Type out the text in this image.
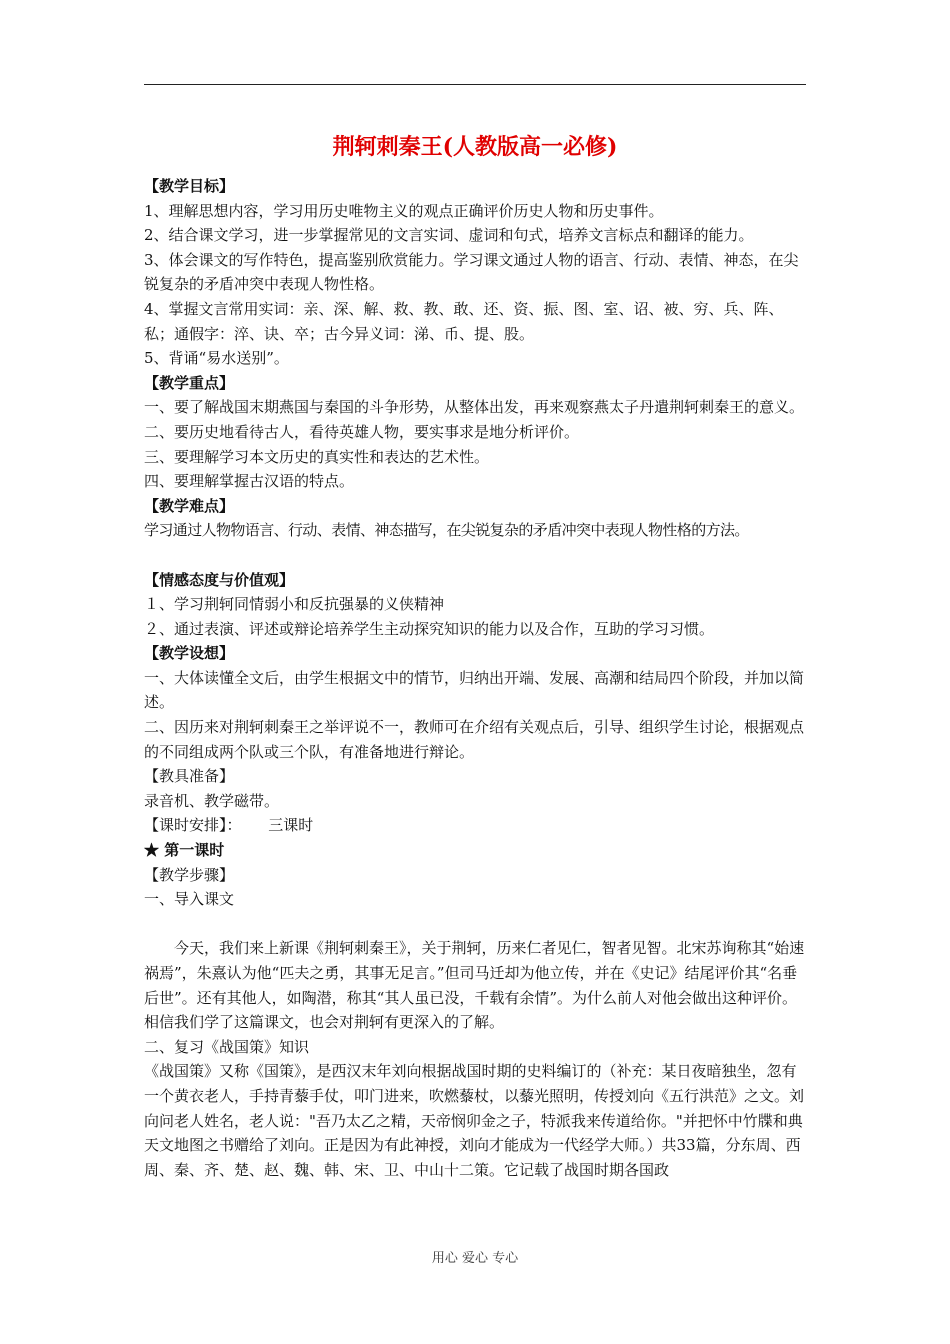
荆轲刺秦王(人教版高一必修)

【教学目标】

1、理解思想内容，学习用历史唯物主义的观点正确评价历史人物和历史事件。

2、结合课文学习，进一步掌握常见的文言实词、虚词和句式，培养文言标点和翻译的能力。

3、体会课文的写作特色，提高鉴别欣赏能力。学习课文通过人物的语言、行动、表情、神态，在尖锐复杂的矛盾冲突中表现人物性格。

4、掌握文言常用实词：亲、深、解、救、教、敢、还、资、振、图、室、诏、被、穷、兵、阵、私；通假字：淬、诀、卒；古今异义词：涕、币、提、股。

5、背诵“易水送别”。

【教学重点】

一、要了解战国末期燕国与秦国的斗争形势，从整体出发，再来观察燕太子丹遣荆轲刺秦王的意义。

二、要历史地看待古人，看待英雄人物，要实事求是地分析评价。

三、要理解学习本文历史的真实性和表达的艺术性。

四、要理解掌握古汉语的特点。

【教学难点】

学习通过人物物语言、行动、表情、神态描写，在尖锐复杂的矛盾冲突中表现人物性格的方法。

【情感态度与价值观】

１、学习荆轲同情弱小和反抗强暴的义侠精神

２、通过表演、评述或辩论培养学生主动探究知识的能力以及合作，互助的学习习惯。

【教学设想】

一、大体读懂全文后，由学生根据文中的情节，归纳出开端、发展、高潮和结局四个阶段，并加以简述。

二、因历来对荆轲刺秦王之举评说不一，教师可在介绍有关观点后，引导、组织学生讨论，根据观点的不同组成两个队或三个队，有准备地进行辩论。

【教具准备】

录音机、教学磁带。

【课时安排】： 三课时

★ 第一课时

【教学步骤】

一、导入课文

今天，我们来上新课《荆轲刺秦王》，关于荆轲，历来仁者见仁，智者见智。北宋苏询称其“始速祸焉”，朱熹认为他“匹夫之勇，其事无足言。”但司马迁却为他立传，并在《史记》结尾评价其“名垂后世”。还有其他人，如陶潜，称其“其人虽已没，千载有余情”。为什么前人对他会做出这种评价。相信我们学了这篇课文，也会对荆轲有更深入的了解。

二、复习《战国策》知识

《战国策》又称《国策》，是西汉末年刘向根据战国时期的史料编订的（补充：某日夜暗独坐，忽有一个黄衣老人，手持青藜手仗，叩门进来，吹燃藜杖，以藜光照明，传授刘向《五行洪范》之文。刘向问老人姓名，老人说："吾乃太乙之精，天帝悯卯金之子，特派我来传道给你。"并把怀中竹牒和典天文地图之书赠给了刘向。正是因为有此神授，刘向才能成为一代经学大师。）共33篇，分东周、西周、秦、齐、楚、赵、魏、韩、宋、卫、中山十二策。它记载了战国时期各国政

用心 爱心 专心
